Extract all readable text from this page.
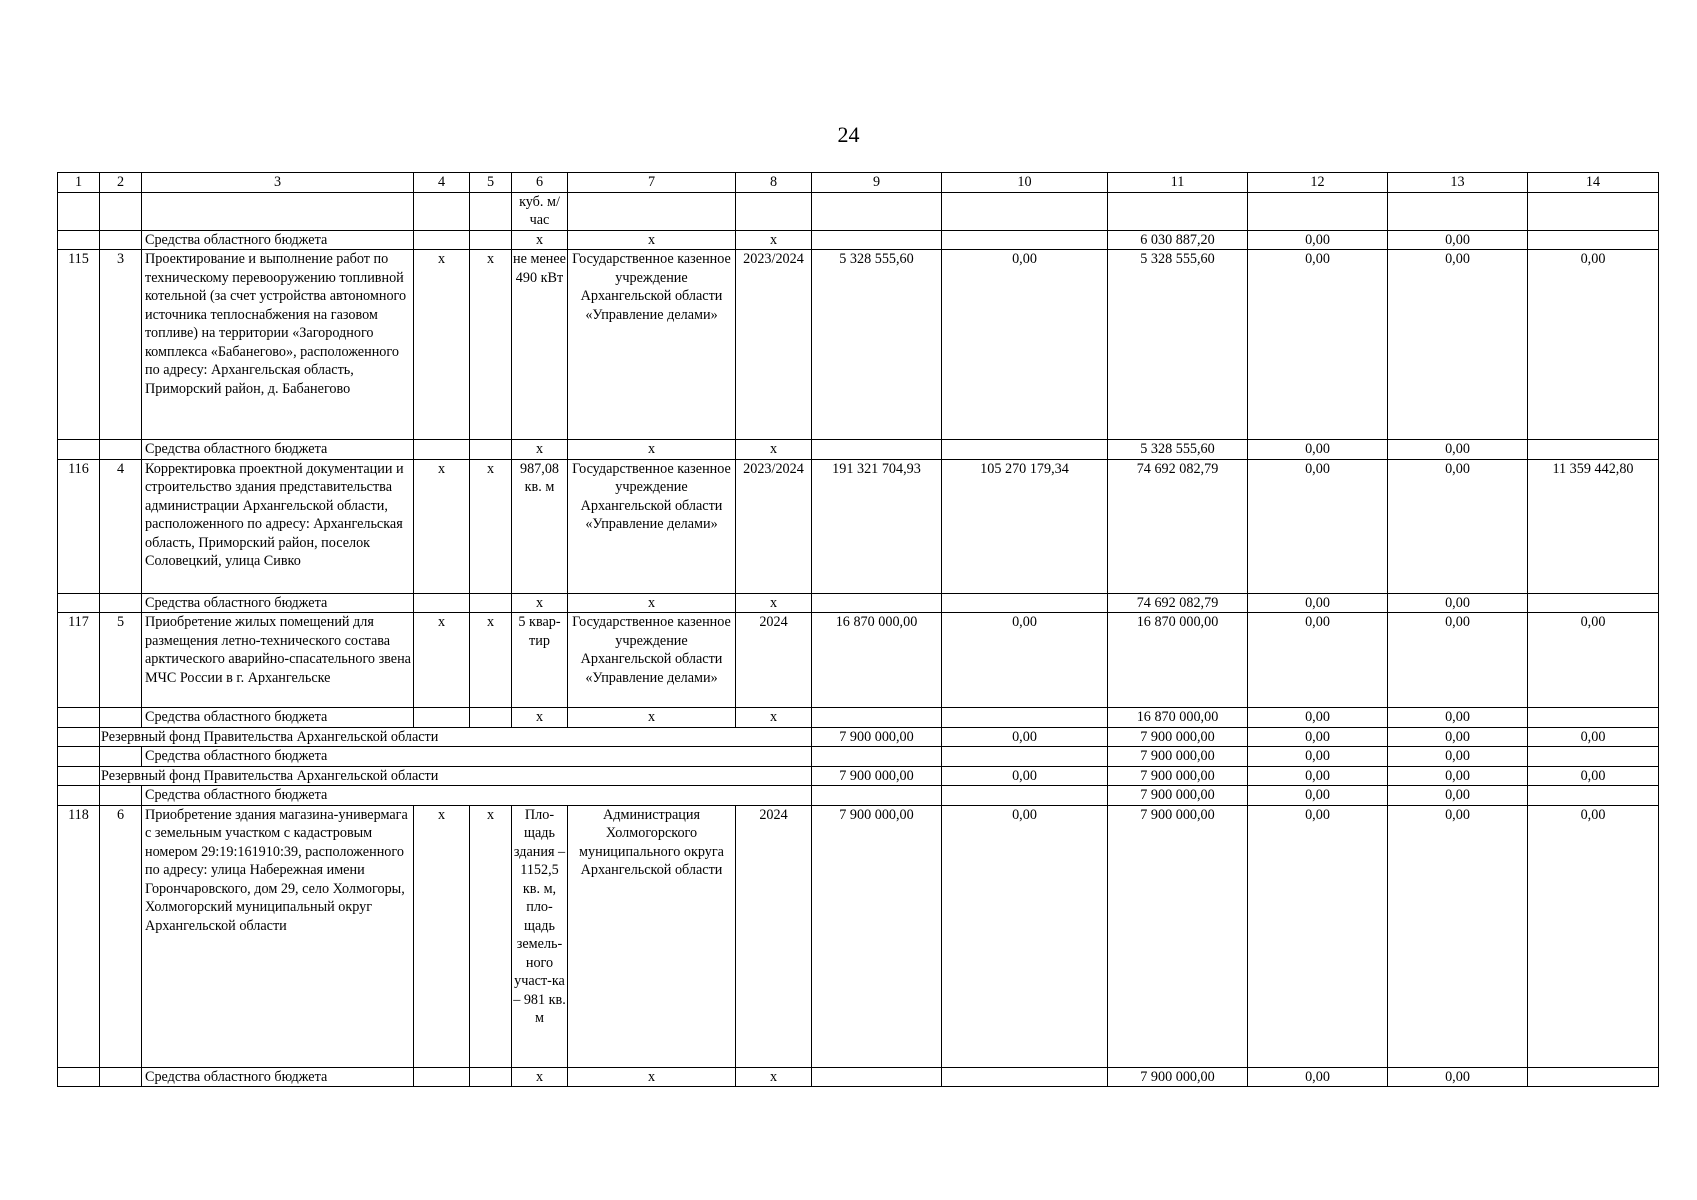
24
1	2	3	4	5	6	7	8	9	10	11	12	13	14
					куб. м/час								
		Средства областного бюджета			х	х	х			6 030 887,20	0,00	0,00	
115	3	Проектирование и выполнение работ по техническому перевооружению топливной котельной (за счет устройства автономного источника теплоснабжения на газовом топливе) на территории «Загородного комплекса «Бабанегово», расположенного по адресу: Архангельская область, Приморский район, д. Бабанегово	х	х	не менее 490 кВт	Государственное казенное учреждение Архангельской области «Управление делами»	2023/2024	5 328 555,60	0,00	5 328 555,60	0,00	0,00	0,00
		Средства областного бюджета			х	х	х			5 328 555,60	0,00	0,00	
116	4	Корректировка проектной документации и строительство здания представительства администрации Архангельской области, расположенного по адресу: Архангельская область, Приморский район, поселок Соловецкий, улица Сивко	х	х	987,08 кв. м	Государственное казенное учреждение Архангельской области «Управление делами»	2023/2024	191 321 704,93	105 270 179,34	74 692 082,79	0,00	0,00	11 359 442,80
		Средства областного бюджета			х	х	х			74 692 082,79	0,00	0,00	
117	5	Приобретение жилых помещений для размещения летно-технического состава арктического аварийно-спасательного звена МЧС России в г. Архангельске	х	х	5 квар-тир	Государственное казенное учреждение Архангельской области «Управление делами»	2024	16 870 000,00	0,00	16 870 000,00	0,00	0,00	0,00
		Средства областного бюджета			х	х	х			16 870 000,00	0,00	0,00	
	Резервный фонд Правительства Архангельской области							7 900 000,00	0,00	7 900 000,00	0,00	0,00	0,00
		Средства областного бюджета								7 900 000,00	0,00	0,00	
	Резервный фонд Правительства Архангельской области							7 900 000,00	0,00	7 900 000,00	0,00	0,00	0,00
		Средства областного бюджета								7 900 000,00	0,00	0,00	
118	6	Приобретение здания магазина-универмага с земельным участком с кадастровым номером 29:19:161910:39, расположенного по адресу: улица Набережная имени Горончаровского, дом 29, село Холмогоры, Холмогорский муниципальный округ Архангельской области	х	х	Пло-щадь здания – 1152,5 кв. м, пло-щадь земель-ного участ-ка – 981 кв. м	Администрация Холмогорского муниципального округа Архангельской области	2024	7 900 000,00	0,00	7 900 000,00	0,00	0,00	0,00
		Средства областного бюджета			х	х	х			7 900 000,00	0,00	0,00	
